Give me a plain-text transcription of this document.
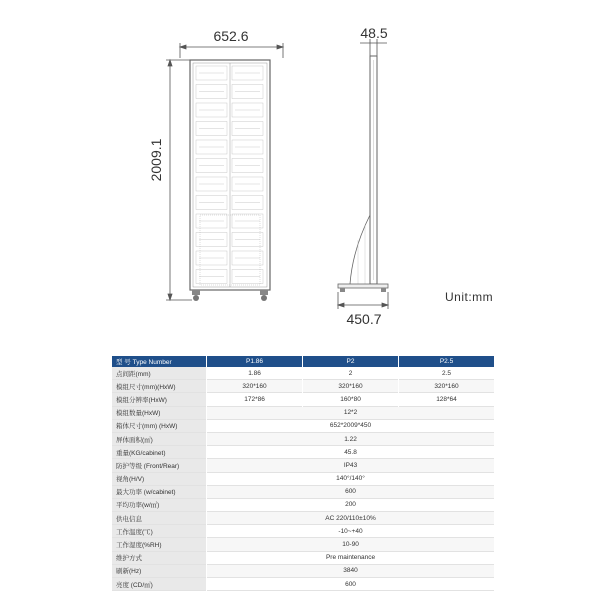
652.6
2009.1
48.5
450.7
Unit:mm
型 号 Type Number	P1.86	P2	P2.5
点间距(mm)	1.86	2	2.5
模组尺寸(mm)(HxW)	320*160	320*160	320*160
模组分辨率(HxW)	172*86	160*80	128*64
模组数量(HxW)	12*2		
箱体尺寸(mm) (HxW)	652*2009*450		
屏体面积(㎡)	1.22		
重量(KG/cabinet)	45.8		
防护等级 (Front/Rear)	IP43		
视角(H/V)	140°/140°		
最大功率 (w/cabinet)	600		
平均功率(w/㎡)	200		
供电信息	AC 220/110±10%		
工作温度(℃)	-10~+40		
工作湿度(%RH)	10-90		
维护方式	Pre maintenance		
刷新(Hz)	3840		
亮度 (CD/㎡)	600		
